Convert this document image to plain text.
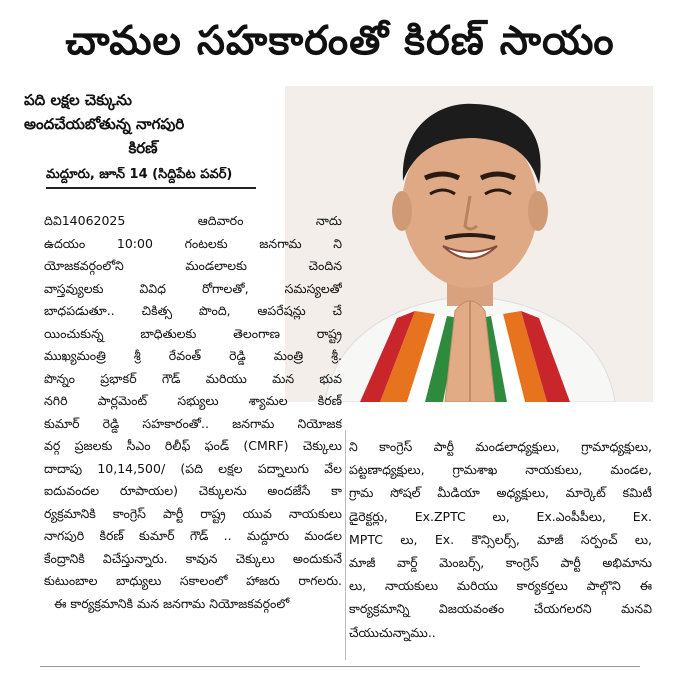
చామల సహకారంతో కిరణ్ సాయం
పది లక్షల చెక్కును
అందచేయబోతున్న నాగపురి
కిరణ్
మద్దూరు, జూన్ 14 (సిద్దిపేట పవర్)
దివి14062025 ఆదివారం నాదు
ఉదయం 10:00 గంటలకు జనగామ ని
యోజకవర్గంలోని మండలాలకు చెందిన
వాస్తవ్యులకు వివిధ రోగాలతో, సమస్యలతో
బాధపడుతూ.. చికిత్స పొంది, ఆపరేషన్లు చే
యించుకున్న బాధితులకు తెలంగాణ రాష్ట్ర
ముఖ్యమంత్రి శ్రీ రేవంత్ రెడ్డి మంత్రి శ్రీ.
పొన్నం ప్రభాకర్ గౌడ్ మరియు మన భువ
నగిరి పార్లమెంట్ సభ్యులు శ్యామల కిరణ్
కుమార్ రెడ్డి సహకారంతో.. జనగామ నియోజక
వర్గ ప్రజలకు సీఎం రిలీఫ్ ఫండ్ (CMRF) చెక్కులు
దాదాపు 10,14,500/ (పది లక్షల పద్నాలుగు వేల
ఐదువందల రూపాయల) చెక్కులను అందజేసే కా
ర్యక్రమానికి కాంగ్రెస్ పార్టీ రాష్ట్ర యువ నాయకులు
నాగపురి కిరణ్ కుమార్ గౌడ్ .. మద్దూరు మండల
కేంద్రానికి విచేస్తున్నారు. కావున చెక్కులు అందుకునే
కుటుంబాల బాధ్యులు సకాలంలో హాజరు రాగలరు.
ఈ కార్యక్రమానికి మన జనగామ నియోజకవర్గంలో
ని కాంగ్రెస్ పార్టీ మండలాధ్యక్షులు, గ్రామాధ్యక్షులు,
పట్టణాధ్యక్షులు, గ్రామశాఖ నాయకులు, మండల,
గ్రామ సోషల్ మీడియా అధ్యక్షులు, మార్కెట్ కమిటీ
డైరెక్టర్లు, Ex.ZPTC లు, Ex.ఎంపీపీలు, Ex.
MPTC లు, Ex. కౌన్సిలర్స్, మాజీ సర్పంచ్ లు,
మాజీ వార్డ్ మెంబర్స్, కాంగ్రెస్ పార్టీ అభిమాను
లు, నాయకులు మరియు కార్యకర్తలు పాల్గొని ఈ
కార్యక్రమాన్ని విజయవంతం చేయగలరని మనవి
చేయుచున్నాము..
